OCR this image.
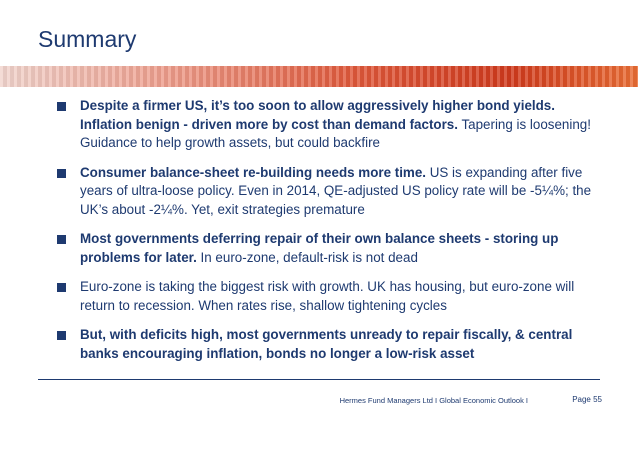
Summary
Despite a firmer US, it’s too soon to allow aggressively higher bond yields. Inflation benign - driven more by cost than demand factors. Tapering is loosening! Guidance to help growth assets, but could backfire
Consumer balance-sheet re-building needs more time. US is expanding after five years of ultra-loose policy. Even in 2014, QE-adjusted US policy rate will be -5¼%; the UK’s about -2¼%. Yet, exit strategies premature
Most governments deferring repair of their own balance sheets - storing up problems for later. In euro-zone, default-risk is not dead
Euro-zone is taking the biggest risk with growth. UK has housing, but euro-zone will return to recession. When rates rise, shallow tightening cycles
But, with deficits high, most governments unready to repair fiscally, & central banks encouraging inflation, bonds no longer a low-risk asset
Hermes Fund Managers Ltd I Global Economic Outlook I	Page 55
